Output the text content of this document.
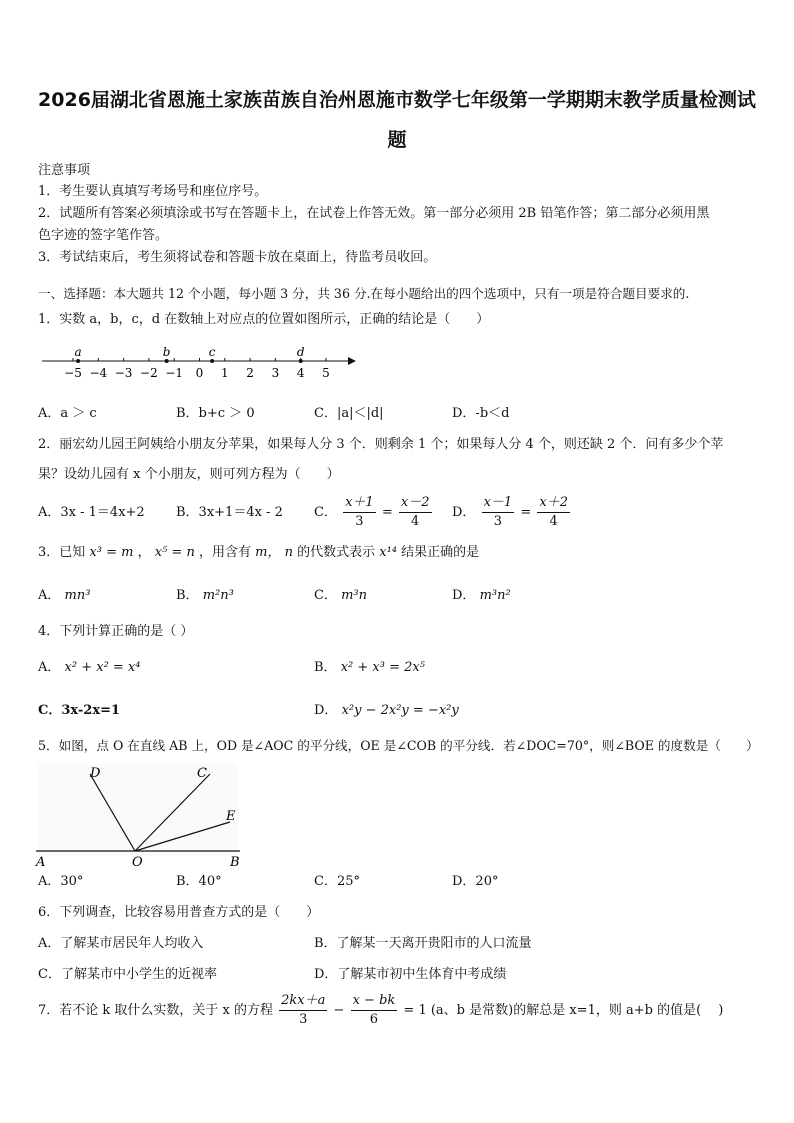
2026届湖北省恩施土家族苗族自治州恩施市数学七年级第一学期期末教学质量检测试
题
注意事项
1．考生要认真填写考场号和座位序号。
2．试题所有答案必须填涂或书写在答题卡上，在试卷上作答无效。第一部分必须用 2B 铅笔作答；第二部分必须用黑
色字迹的签字笔作答。
3．考试结束后，考生须将试卷和答题卡放在桌面上，待监考员收回。
一、选择题：本大题共 12 个小题，每小题 3 分，共 36 分.在每小题给出的四个选项中，只有一项是符合题目要求的.
1．实数 a，b，c，d 在数轴上对应点的位置如图所示，正确的结论是（　　）
−5 −4 −3 −2 −1 0 1 2 3 4 5
a	b	c	d
A．a ＞ c	B．b+c ＞ 0	C．|a|＜|d|	D．-b＜d
2．丽宏幼儿园王阿姨给小朋友分苹果，如果每人分 3 个．则剩余 1 个；如果每人分 4 个，则还缺 2 个．问有多少个苹
果？设幼儿园有 x 个小朋友，则可列方程为（　　）
A．3x - 1＝4x+2 B．3x+1＝4x - 2 C． $\frac{x+1}{3} = \frac{x-2}{4}$ D． $\frac{x-1}{3} = \frac{x+2}{4}$
3．已知 x³ = m ， x⁵ = n ，用含有 m， n 的代数式表示 x¹⁴ 结果正确的是
A． mn³	B． m²n³	C． m³n	D． m³n²
4．下列计算正确的是（ ）
A． x² + x² = x⁴	B． x² + x³ = 2x⁵
C．3x-2x=1	D． x²y − 2x²y = −x²y
5．如图，点 O 在直线 AB 上，OD 是∠AOC 的平分线，OE 是∠COB 的平分线．若∠DOC=70°，则∠BOE 的度数是（　　）
D	C
E
A	O	B
A．30°	B．40°	C．25°	D．20°
6．下列调查，比较容易用普查方式的是（　　）
A．了解某市居民年人均收入	B．了解某一天离开贵阳市的人口流量
C．了解某市中小学生的近视率	D．了解某市初中生体育中考成绩
7．若不论 k 取什么实数，关于 x 的方程 $\frac{2kx+a}{3} - \frac{x - bk}{6} = 1$ (a、b 是常数)的解总是 x=1，则 a+b 的值是(　 )
